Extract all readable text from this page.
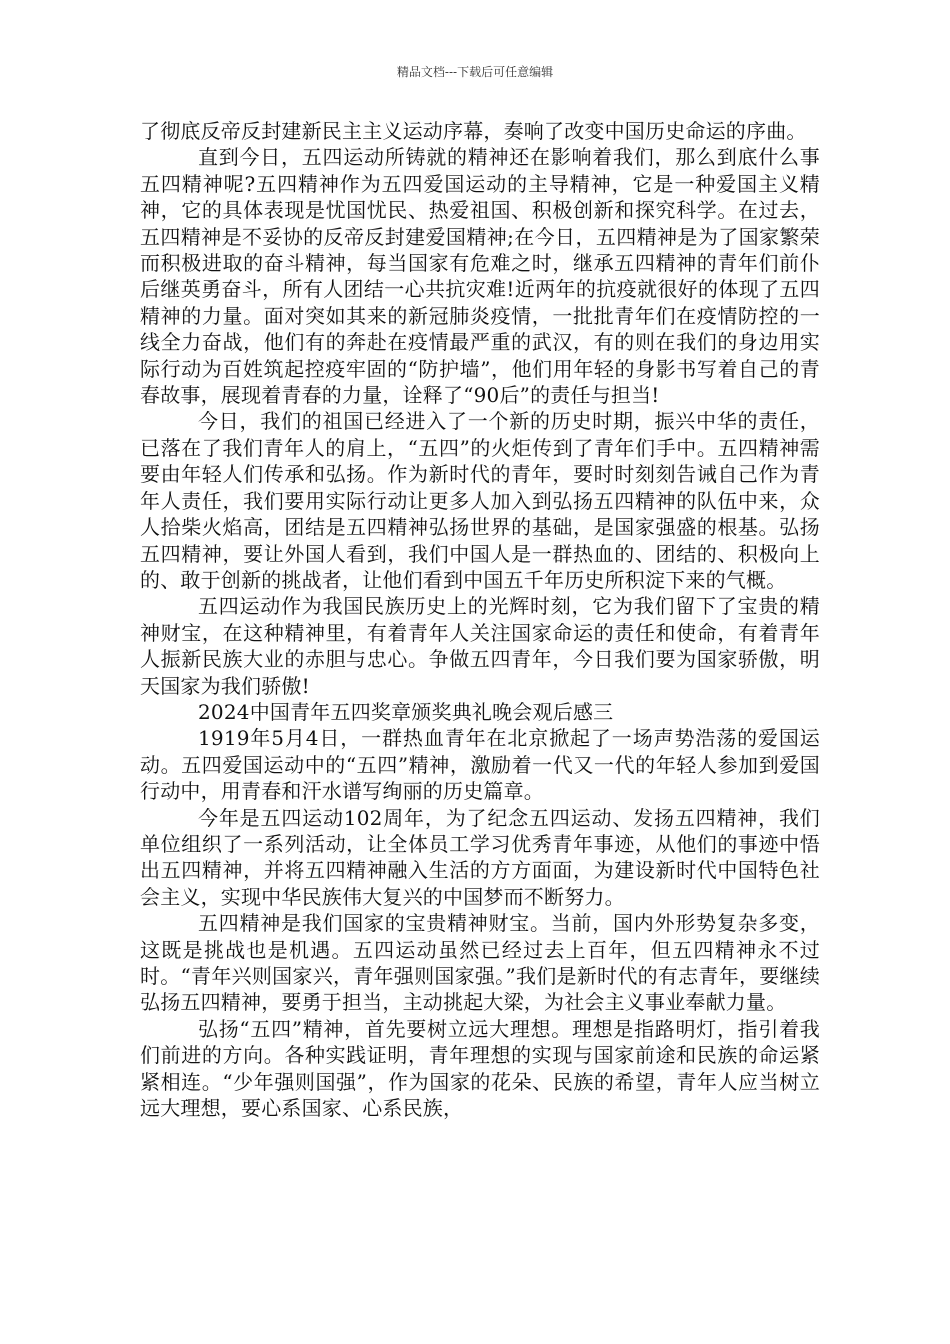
精品文档---下载后可任意编辑

了彻底反帝反封建新民主主义运动序幕，奏响了改变中国历史命运的序曲。

直到今日，五四运动所铸就的精神还在影响着我们，那么到底什么事五四精神呢?五四精神作为五四爱国运动的主导精神，它是一种爱国主义精神，它的具体表现是忧国忧民、热爱祖国、积极创新和探究科学。在过去，五四精神是不妥协的反帝反封建爱国精神;在今日，五四精神是为了国家繁荣而积极进取的奋斗精神，每当国家有危难之时，继承五四精神的青年们前仆后继英勇奋斗，所有人团结一心共抗灾难!近两年的抗疫就很好的体现了五四精神的力量。面对突如其来的新冠肺炎疫情，一批批青年们在疫情防控的一线全力奋战，他们有的奔赴在疫情最严重的武汉，有的则在我们的身边用实际行动为百姓筑起控疫牢固的“防护墙”，他们用年轻的身影书写着自己的青春故事，展现着青春的力量，诠释了“90后”的责任与担当!

今日，我们的祖国已经进入了一个新的历史时期，振兴中华的责任，已落在了我们青年人的肩上，“五四”的火炬传到了青年们手中。五四精神需要由年轻人们传承和弘扬。作为新时代的青年，要时时刻刻告诫自己作为青年人责任，我们要用实际行动让更多人加入到弘扬五四精神的队伍中来，众人拾柴火焰高，团结是五四精神弘扬世界的基础，是国家强盛的根基。弘扬五四精神，要让外国人看到，我们中国人是一群热血的、团结的、积极向上的、敢于创新的挑战者，让他们看到中国五千年历史所积淀下来的气概。

五四运动作为我国民族历史上的光辉时刻，它为我们留下了宝贵的精神财宝，在这种精神里，有着青年人关注国家命运的责任和使命，有着青年人振新民族大业的赤胆与忠心。争做五四青年，今日我们要为国家骄傲，明天国家为我们骄傲!

2024中国青年五四奖章颁奖典礼晚会观后感三

1919年5月4日，一群热血青年在北京掀起了一场声势浩荡的爱国运动。五四爱国运动中的“五四”精神，激励着一代又一代的年轻人参加到爱国行动中，用青春和汗水谱写绚丽的历史篇章。

今年是五四运动102周年，为了纪念五四运动、发扬五四精神，我们单位组织了一系列活动，让全体员工学习优秀青年事迹，从他们的事迹中悟出五四精神，并将五四精神融入生活的方方面面，为建设新时代中国特色社会主义，实现中华民族伟大复兴的中国梦而不断努力。

五四精神是我们国家的宝贵精神财宝。当前，国内外形势复杂多变，这既是挑战也是机遇。五四运动虽然已经过去上百年，但五四精神永不过时。“青年兴则国家兴，青年强则国家强。”我们是新时代的有志青年，要继续弘扬五四精神，要勇于担当，主动挑起大梁，为社会主义事业奉献力量。

弘扬“五四”精神，首先要树立远大理想。理想是指路明灯，指引着我们前进的方向。各种实践证明，青年理想的实现与国家前途和民族的命运紧紧相连。“少年强则国强”，作为国家的花朵、民族的希望，青年人应当树立远大理想，要心系国家、心系民族，
